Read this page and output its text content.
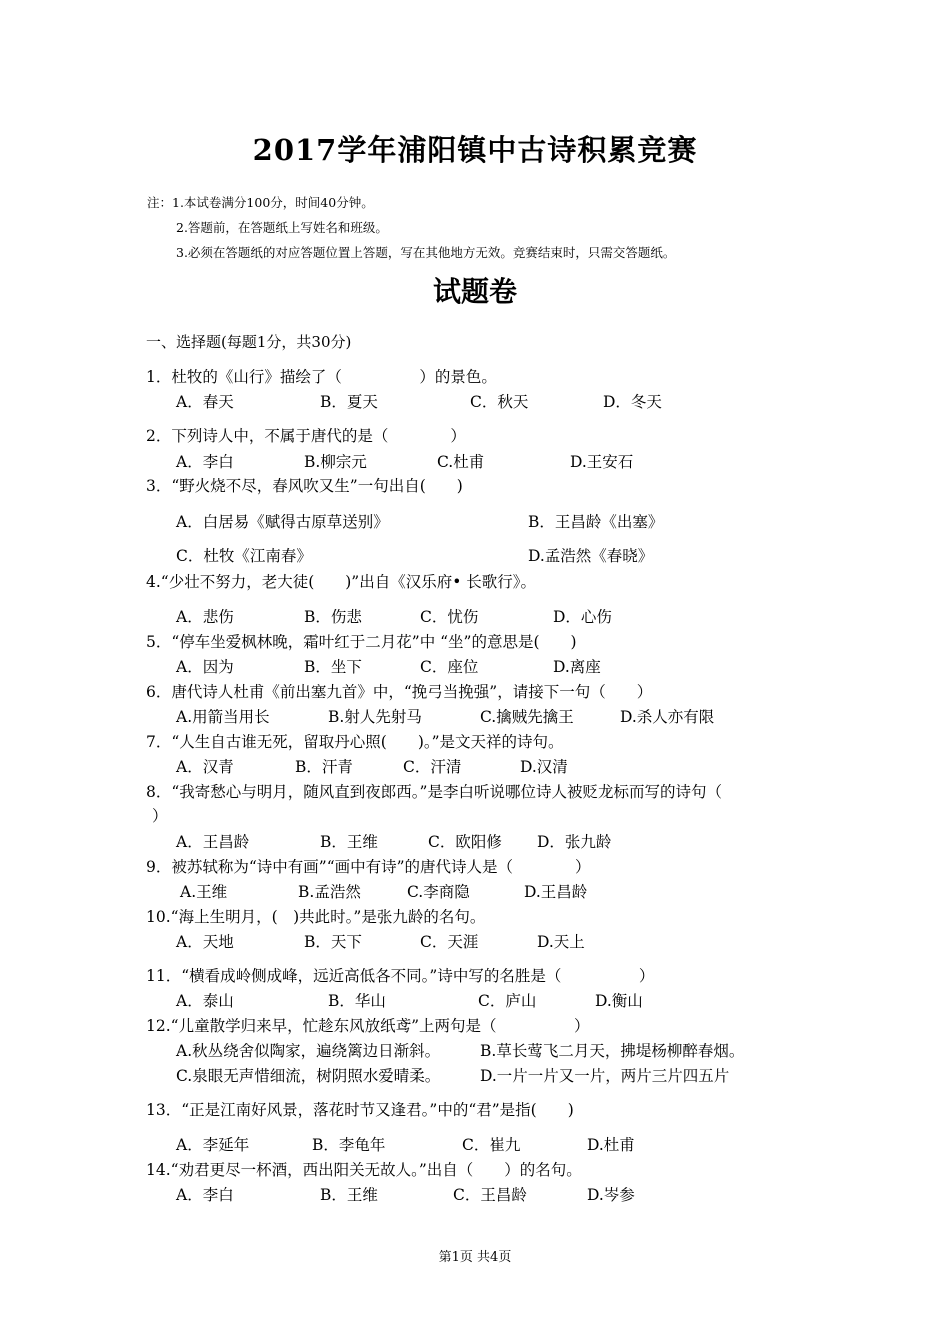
2017学年浦阳镇中古诗积累竞赛
注：1.本试卷满分100分，时间40分钟。
2.答题前，在答题纸上写姓名和班级。
3.必须在答题纸的对应答题位置上答题，写在其他地方无效。竞赛结束时，只需交答题纸。
试题卷
一、选择题(每题1分，共30分)
1．杜牧的《山行》描绘了（　　　　　）的景色。
A．春天	B．夏天	C．秋天	D．冬天
2．下列诗人中，不属于唐代的是（　　　　）
A．李白	B.柳宗元	C.杜甫	D.王安石
3．“野火烧不尽，春风吹又生”一句出自(　　)
A．白居易《赋得古原草送别》	B．王昌龄《出塞》
C．杜牧《江南春》	D.孟浩然《春晓》
4.“少壮不努力，老大徒(　　)”出自《汉乐府• 长歌行》。
A．悲伤	B．伤悲	C．忧伤	D．心伤
5．“停车坐爱枫林晚，霜叶红于二月花”中 “坐”的意思是(　　)
A．因为	B．坐下	C．座位	D.离座
6．唐代诗人杜甫《前出塞九首》中，“挽弓当挽强”，请接下一句（　　）
A.用箭当用长	B.射人先射马	C.擒贼先擒王	D.杀人亦有限
7．“人生自古谁无死，留取丹心照(　　)。”是文天祥的诗句。
A．汉青	B．汗青	C．汗清	D.汉清
8．“我寄愁心与明月，随风直到夜郎西。”是李白听说哪位诗人被贬龙标而写的诗句（
）
A．王昌龄	B．王维	C．欧阳修 D．张九龄
9．被苏轼称为“诗中有画”“画中有诗”的唐代诗人是（　　　　）
A.王维	B.孟浩然	C.李商隐	D.王昌龄
10.“海上生明月，(　)共此时。”是张九龄的名句。
A．天地	B．天下	C．天涯	D.天上
11．“横看成岭侧成峰，远近高低各不同。”诗中写的名胜是（　　　　　）
A．泰山	B．华山	C．庐山	D.衡山
12.“儿童散学归来早，忙趁东风放纸鸢”上两句是（　　　　　）
A.秋丛绕舍似陶家，遍绕篱边日渐斜。	B.草长莺飞二月天，拂堤杨柳醉春烟。
C.泉眼无声惜细流，树阴照水爱晴柔。	D.一片一片又一片，两片三片四五片
13．“正是江南好风景，落花时节又逢君。”中的“君”是指(　　)
A．李延年	B．李龟年	C．崔九	D.杜甫
14.“劝君更尽一杯酒，西出阳关无故人。”出自（　　）的名句。
A．李白	B．王维	C．王昌龄	D.岑参
第1页 共4页
